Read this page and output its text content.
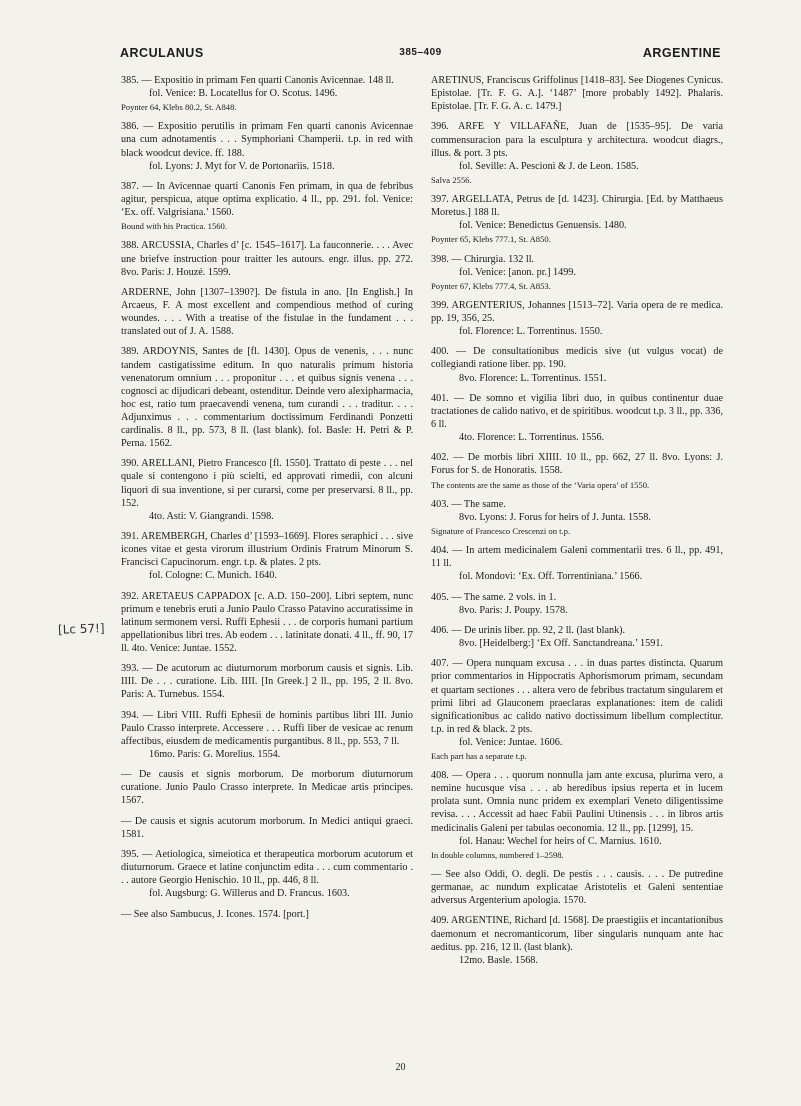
ARCULANUS	385–409	ARGENTINE
[Lc 57!]
385. — Expositio in primam Fen quarti Canonis Avicennae. 148 ll.
fol. Venice: B. Locatellus for O. Scotus. 1496.
Poynter 64, Klebs 80.2, St. A848.
386. — Expositio perutilis in primam Fen quarti canonis Avicennae una cum adnotamentis . . . Symphoriani Champerii. t.p. in red with black woodcut device. ff. 188.
fol. Lyons: J. Myt for V. de Portonariis. 1518.
387. — In Avicennae quarti Canonis Fen primam, in qua de febribus agitur, perspicua, atque optima explicatio. 4 ll., pp. 291. fol. Venice: ‘Ex. off. Valgrisiana.’ 1560.
Bound with his Practica. 1560.
388. ARCUSSIA, Charles d’ [c. 1545–1617]. La fauconnerie. . . . Avec une briefve instruction pour traitter les autours. engr. illus. pp. 272. 8vo. Paris: J. Houzé. 1599.
ARDERNE, John [1307–1390?]. De fistula in ano. [In English.] In Arcaeus, F. A most excellent and compendious method of curing woundes. . . . With a treatise of the fistulae in the fundament . . . translated out of J. A. 1588.
389. ARDOYNIS, Santes de [fl. 1430]. Opus de venenis, . . . nunc tandem castigatissime editum. In quo naturalis primum historia venenatorum omnium . . . proponitur . . . et quibus signis venena . . . cognosci ac dijudicari debeant, ostenditur. Deinde vero alexipharmacia, hoc est, ratio tum praecavendi venena, tum curandi . . . traditur. . . . Adjunximus . . . commentarium doctissimum Ferdinandi Ponzetti cardinalis. 8 ll., pp. 573, 8 ll. (last blank). fol. Basle: H. Petri & P. Perna. 1562.
390. ARELLANI, Pietro Francesco [fl. 1550]. Trattato di peste . . . nel quale si contengono i più scielti, ed approvati rimedii, con alcuni liquori di sua inventione, sì per curarsi, come per preservarsi. 8 ll., pp. 152.
4to. Asti: V. Giangrandi. 1598.
391. AREMBERGH, Charles d’ [1593–1669]. Flores seraphici . . . sive icones vitae et gesta virorum illustrium Ordinis Fratrum Minorum S. Francisci Capucinorum. engr. t.p. & plates. 2 pts.
fol. Cologne: C. Munich. 1640.
392. ARETAEUS CAPPADOX [c. A.D. 150–200]. Libri septem, nunc primum e tenebris eruti a Junio Paulo Crasso Patavino accuratissime in latinum sermonem versi. Ruffi Ephesii . . . de corporis humani partium appellationibus libri tres. Ab eodem . . . latinitate donati. 4 ll., ff. 90, 17 ll. 4to. Venice: Juntae. 1552.
393. — De acutorum ac diuturnorum morborum causis et signis. Lib. IIII. De . . . curatione. Lib. IIII. [In Greek.] 2 ll., pp. 195, 2 ll. 8vo. Paris: A. Turnebus. 1554.
394. — Libri VIII. Ruffi Ephesii de hominis partibus libri III. Junio Paulo Crasso interprete. Accessere . . . Ruffi liber de vesicae ac renum affectibus, eiusdem de medicamentis purgantibus. 8 ll., pp. 553, 7 ll.
16mo. Paris: G. Morelius. 1554.
— De causis et signis morborum. De morborum diuturnorum curatione. Junio Paulo Crasso interprete. In Medicae artis principes. 1567.
— De causis et signis acutorum morborum. In Medici antiqui graeci. 1581.
395. — Aetiologica, simeiotica et therapeutica morborum acutorum et diuturnorum. Graece et latine conjunctim edita . . . cum commentario . . . autore Georgio Henischio. 10 ll., pp. 446, 8 ll.
fol. Augsburg: G. Willerus and D. Francus. 1603.
— See also Sambucus, J. Icones. 1574. [port.]
ARETINUS, Franciscus Griffolinus [1418–83]. See Diogenes Cynicus. Epistolae. [Tr. F. G. A.]. ‘1487’ [more probably 1492]. Phalaris. Epistolae. [Tr. F. G. A. c. 1479.]
396. ARFE Y VILLAFAÑE, Juan de [1535–95]. De varia commensuracion para la esculptura y architectura. woodcut diagrs., illus. & port. 3 pts.
fol. Seville: A. Pescioni & J. de Leon. 1585.
Salva 2556.
397. ARGELLATA, Petrus de [d. 1423]. Chirurgia. [Ed. by Matthaeus Moretus.] 188 ll.
fol. Venice: Benedictus Genuensis. 1480.
Poynter 65, Klebs 777.1, St. A850.
398. — Chirurgia. 132 ll.
fol. Venice: [anon. pr.] 1499.
Poynter 67, Klebs 777.4, St. A853.
399. ARGENTERIUS, Johannes [1513–72]. Varia opera de re medica. pp. 19, 356, 25.
fol. Florence: L. Torrentinus. 1550.
400. — De consultationibus medicis sive (ut vulgus vocat) de collegiandi ratione liber. pp. 190.
8vo. Florence: L. Torrentinus. 1551.
401. — De somno et vigilia libri duo, in quibus continentur duae tractationes de calido nativo, et de spiritibus. woodcut t.p. 3 ll., pp. 336, 6 ll.
4to. Florence: L. Torrentinus. 1556.
402. — De morbis libri XIIII. 10 ll., pp. 662, 27 ll. 8vo. Lyons: J. Forus for S. de Honoratis. 1558.
The contents are the same as those of the ‘Varia opera’ of 1550.
403. — The same.
8vo. Lyons: J. Forus for heirs of J. Junta. 1558.
Signature of Francesco Crescenzi on t.p.
404. — In artem medicinalem Galeni commentarii tres. 6 ll., pp. 491, 11 ll.
fol. Mondovi: ‘Ex. Off. Torrentiniana.’ 1566.
405. — The same. 2 vols. in 1.
8vo. Paris: J. Poupy. 1578.
406. — De urinis liber. pp. 92, 2 ll. (last blank).
8vo. [Heidelberg:] ‘Ex Off. Sanctandreana.’ 1591.
407. — Opera nunquam excusa . . . in duas partes distincta. Quarum prior commentarios in Hippocratis Aphorismorum primam, secundam et quartam sectiones . . . altera vero de febribus tractatum singularem et primi libri ad Glauconem praeclaras explanationes: item de calidi significationibus ac calido nativo doctissimum libellum complectitur. t.p. in red & black. 2 pts.
fol. Venice: Juntae. 1606.
Each part has a separate t.p.
408. — Opera . . . quorum nonnulla jam ante excusa, plurima vero, a nemine hucusque visa . . . ab heredibus ipsius reperta et in lucem prolata sunt. Omnia nunc pridem ex exemplari Veneto diligentissime revisa. . . . Accessit ad haec Fabii Paulini Utinensis . . . in libros artis medicinalis Galeni per tabulas oeconomia. 12 ll., pp. [1299], 15.
fol. Hanau: Wechel for heirs of C. Marnius. 1610.
In double columns, numbered 1–2598.
— See also Oddi, O. degli. De pestis . . . causis. . . . De putredine germanae, ac nundum explicatae Aristotelis et Galeni sententiae adversus Argenterium apologia. 1570.
409. ARGENTINE, Richard [d. 1568]. De praestigiis et incantationibus daemonum et necromanticorum, liber singularis nunquam ante hac aeditus. pp. 216, 12 ll. (last blank).
12mo. Basle. 1568.
20
